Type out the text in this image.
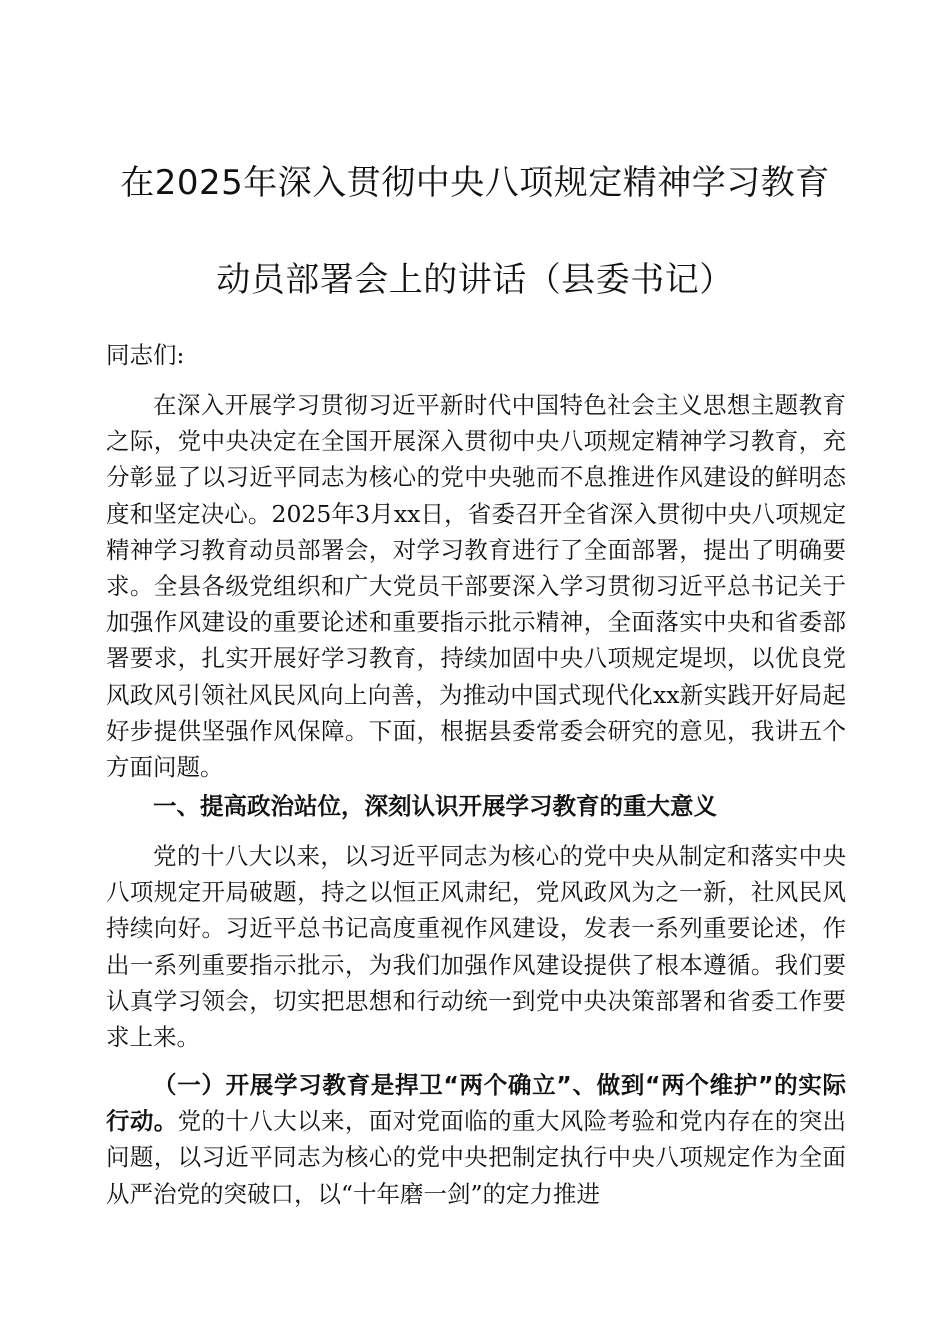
在2025年深入贯彻中央八项规定精神学习教育
动员部署会上的讲话（县委书记）

同志们:

在深入开展学习贯彻习近平新时代中国特色社会主义思想主题教育之际，党中央决定在全国开展深入贯彻中央八项规定精神学习教育，充分彰显了以习近平同志为核心的党中央驰而不息推进作风建设的鲜明态度和坚定决心。2025年3月xx日，省委召开全省深入贯彻中央八项规定精神学习教育动员部署会，对学习教育进行了全面部署，提出了明确要求。全县各级党组织和广大党员干部要深入学习贯彻习近平总书记关于加强作风建设的重要论述和重要指示批示精神，全面落实中央和省委部署要求，扎实开展好学习教育，持续加固中央八项规定堤坝，以优良党风政风引领社风民风向上向善，为推动中国式现代化xx新实践开好局起好步提供坚强作风保障。下面，根据县委常委会研究的意见，我讲五个方面问题。

一、提高政治站位，深刻认识开展学习教育的重大意义

党的十八大以来，以习近平同志为核心的党中央从制定和落实中央八项规定开局破题，持之以恒正风肃纪，党风政风为之一新，社风民风持续向好。习近平总书记高度重视作风建设，发表一系列重要论述，作出一系列重要指示批示，为我们加强作风建设提供了根本遵循。我们要认真学习领会，切实把思想和行动统一到党中央决策部署和省委工作要求上来。

（一）开展学习教育是捍卫“两个确立”、做到“两个维护”的实际行动。党的十八大以来，面对党面临的重大风险考验和党内存在的突出问题，以习近平同志为核心的党中央把制定执行中央八项规定作为全面从严治党的突破口，以“十年磨一剑”的定力推进
